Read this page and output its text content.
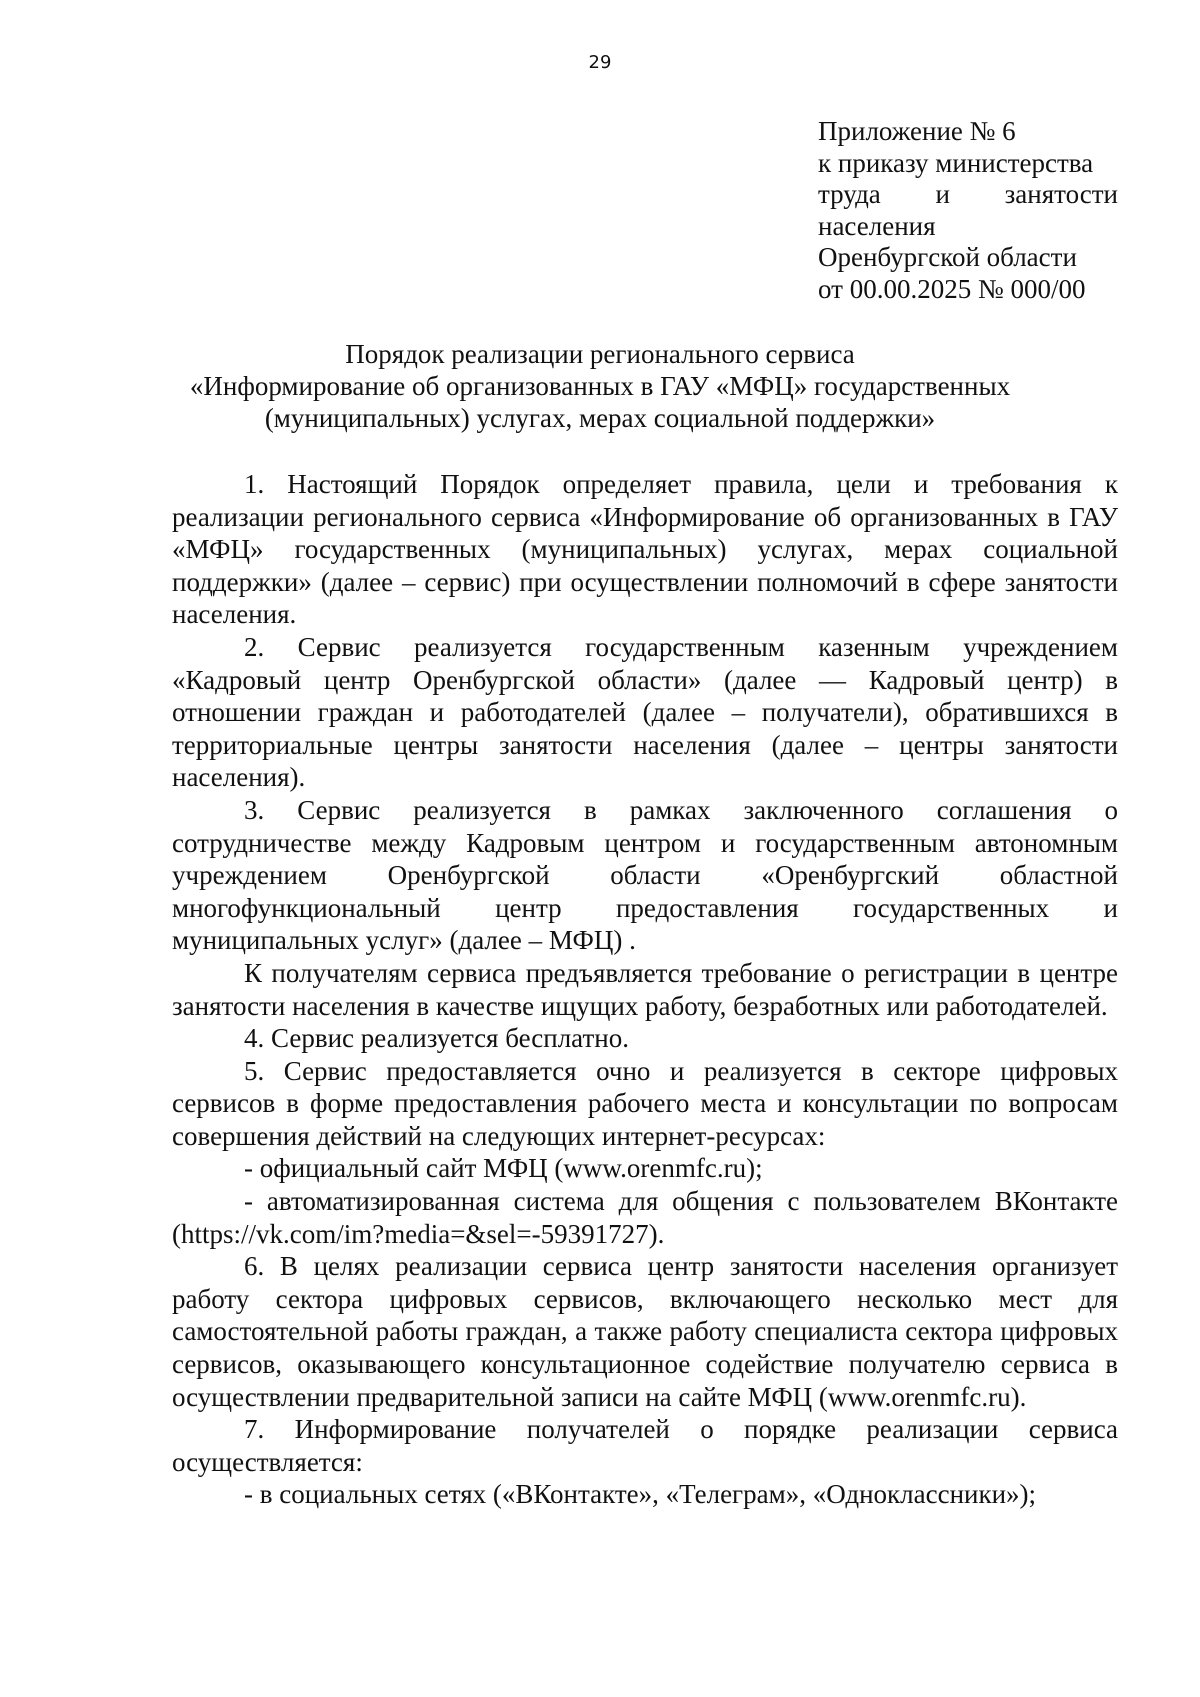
29
Приложение № 6
к приказу министерства
труда и занятости
населения
Оренбургской области
от 00.00.2025 № 000/00
Порядок реализации регионального сервиса
«Информирование об организованных в ГАУ «МФЦ» государственных
(муниципальных) услугах, мерах социальной поддержки»

1. Настоящий Порядок определяет правила, цели и требования к реализации регионального сервиса «Информирование об организованных в ГАУ «МФЦ» государственных (муниципальных) услугах, мерах социальной поддержки» (далее – сервис) при осуществлении полномочий в сфере занятости населения.

2. Сервис реализуется государственным казенным учреждением «Кадровый центр Оренбургской области» (далее — Кадровый центр) в отношении граждан и работодателей (далее – получатели), обратившихся в территориальные центры занятости населения (далее – центры занятости населения).

3. Сервис реализуется в рамках заключенного соглашения о сотрудничестве между Кадровым центром и государственным автономным учреждением Оренбургской области «Оренбургский областной многофункциональный центр предоставления государственных и муниципальных услуг» (далее – МФЦ) .

К получателям сервиса предъявляется требование о регистрации в центре занятости населения в качестве ищущих работу, безработных или работодателей.

4. Сервис реализуется бесплатно.

5. Сервис предоставляется очно и реализуется в секторе цифровых сервисов в форме предоставления рабочего места и консультации по вопросам совершения действий на следующих интернет-ресурсах:

- официальный сайт МФЦ (www.orenmfc.ru);

- автоматизированная система для общения с пользователем ВКонтакте (https://vk.com/im?media=&sel=-59391727).

6. В целях реализации сервиса центр занятости населения организует работу сектора цифровых сервисов, включающего несколько мест для самостоятельной работы граждан, а также работу специалиста сектора цифровых сервисов, оказывающего консультационное содействие получателю сервиса в осуществлении предварительной записи на сайте МФЦ (www.orenmfc.ru).

7. Информирование получателей о порядке реализации сервиса осуществляется:

- в социальных сетях («ВКонтакте», «Телеграм», «Одноклассники»);
